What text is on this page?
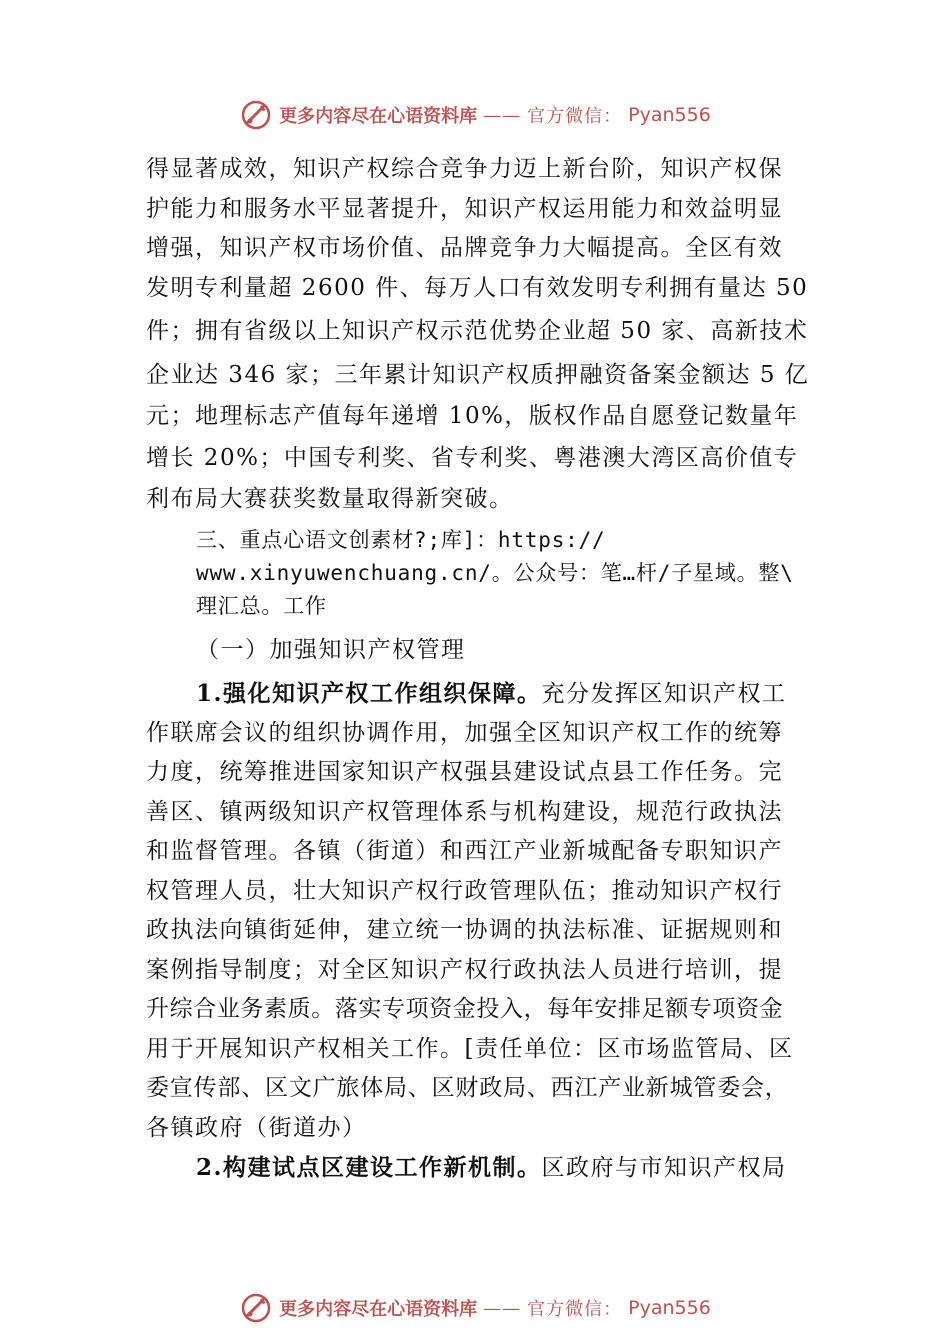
更多内容尽在心语资料库 —— 官方微信： Pyan556
得显著成效，知识产权综合竞争力迈上新台阶，知识产权保
护能力和服务水平显著提升，知识产权运用能力和效益明显
增强，知识产权市场价值、品牌竞争力大幅提高。全区有效
发明专利量超 2600 件、每万人口有效发明专利拥有量达 50
件；拥有省级以上知识产权示范优势企业超 50 家、高新技术
企业达 346 家；三年累计知识产权质押融资备案金额达 5 亿
元；地理标志产值每年递增 10%，版权作品自愿登记数量年
增长 20%；中国专利奖、省专利奖、粤港澳大湾区高价值专
利布局大赛获奖数量取得新突破。
三、重点心语文创素材?;库]：https://
www.xinyuwenchuang.cn/。公众号：笔…杆/子星域。整\
理汇总。工作
（一）加强知识产权管理
1.强化知识产权工作组织保障。充分发挥区知识产权工
作联席会议的组织协调作用，加强全区知识产权工作的统筹
力度，统筹推进国家知识产权强县建设试点县工作任务。完
善区、镇两级知识产权管理体系与机构建设，规范行政执法
和监督管理。各镇（街道）和西江产业新城配备专职知识产
权管理人员，壮大知识产权行政管理队伍；推动知识产权行
政执法向镇街延伸，建立统一协调的执法标准、证据规则和
案例指导制度；对全区知识产权行政执法人员进行培训，提
升综合业务素质。落实专项资金投入，每年安排足额专项资金
用于开展知识产权相关工作。[责任单位：区市场监管局、区
委宣传部、区文广旅体局、区财政局、西江产业新城管委会，
各镇政府（街道办）
2.构建试点区建设工作新机制。区政府与市知识产权局
更多内容尽在心语资料库 —— 官方微信： Pyan556
